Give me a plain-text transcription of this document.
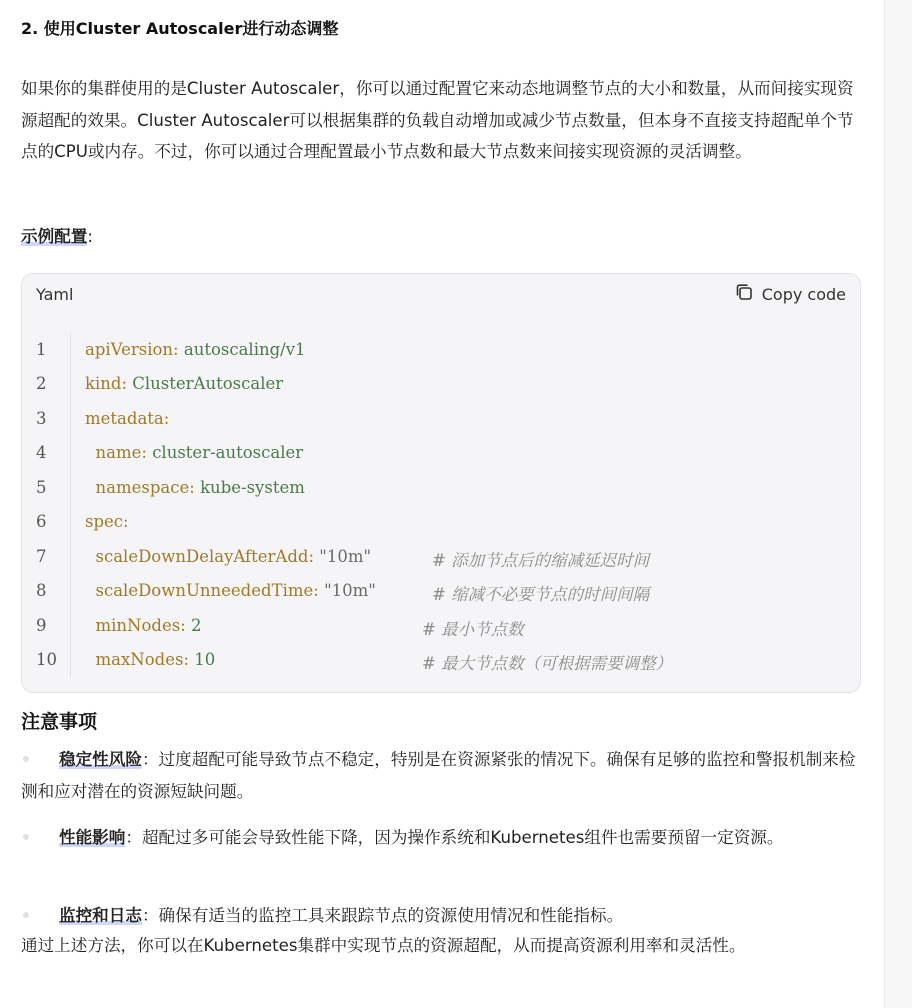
2. 使用Cluster Autoscaler进行动态调整

如果你的集群使用的是Cluster Autoscaler，你可以通过配置它来动态地调整节点的大小和数量，从而间接实现资源超配的效果。Cluster Autoscaler可以根据集群的负载自动增加或减少节点数量，但本身不直接支持超配单个节点的CPU或内存。不过，你可以通过合理配置最小节点数和最大节点数来间接实现资源的灵活调整。

示例配置:
Yaml	Copy code
1	apiVersion: autoscaling/v1
2	kind: ClusterAutoscaler
3	metadata:
4	name: cluster-autoscaler
5	namespace: kube-system
6	spec:
7	scaleDownDelayAfterAdd: "10m"	# 添加节点后的缩减延迟时间
8	scaleDownUnneededTime: "10m"	# 缩减不必要节点的时间间隔
9	minNodes: 2	# 最小节点数
10	maxNodes: 10	# 最大节点数（可根据需要调整）
注意事项

稳定性风险：过度超配可能导致节点不稳定，特别是在资源紧张的情况下。确保有足够的监控和警报机制来检测和应对潜在的资源短缺问题。

性能影响：超配过多可能会导致性能下降，因为操作系统和Kubernetes组件也需要预留一定资源。

监控和日志：确保有适当的监控工具来跟踪节点的资源使用情况和性能指标。

通过上述方法，你可以在Kubernetes集群中实现节点的资源超配，从而提高资源利用率和灵活性。
